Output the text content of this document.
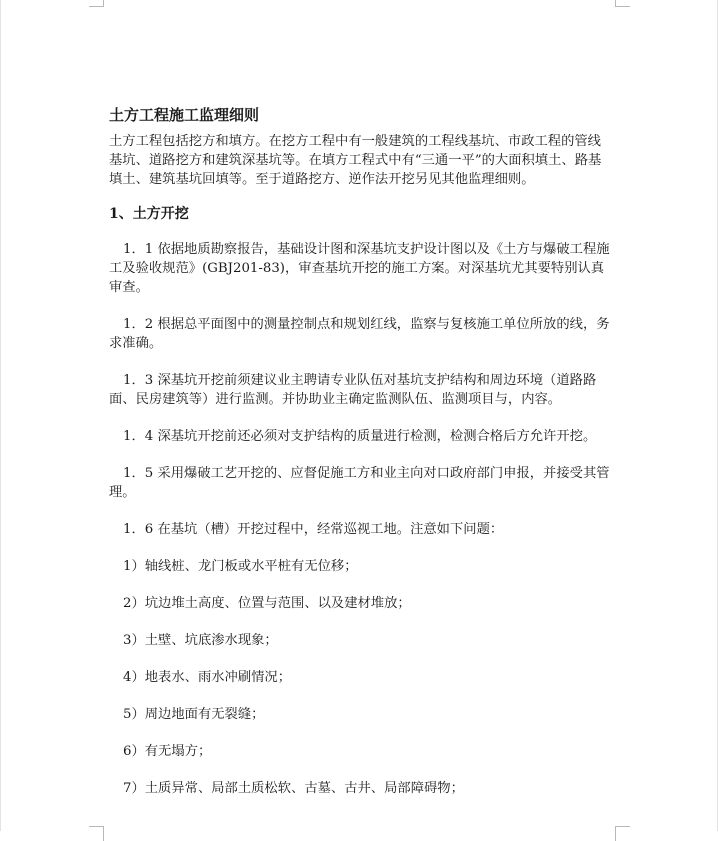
土方工程施工监理细则
土方工程包括挖方和填方。在挖方工程中有一般建筑的工程线基坑、市政工程的管线基坑、道路挖方和建筑深基坑等。在填方工程式中有“三通一平”的大面积填土、路基填土、建筑基坑回填等。至于道路挖方、逆作法开挖另见其他监理细则。
1、土方开挖
1．1 依据地质勘察报告，基础设计图和深基坑支护设计图以及《土方与爆破工程施工及验收规范》(GBJ201-83)，审查基坑开挖的施工方案。对深基坑尤其要特别认真审查。
1．2 根据总平面图中的测量控制点和规划红线，监察与复核施工单位所放的线，务求准确。
1．3 深基坑开挖前须建议业主聘请专业队伍对基坑支护结构和周边环境（道路路面、民房建筑等）进行监测。并协助业主确定监测队伍、监测项目与，内容。
1．4 深基坑开挖前还必须对支护结构的质量进行检测，检测合格后方允许开挖。
1．5 采用爆破工艺开挖的、应督促施工方和业主向对口政府部门申报，并接受其管理。
1．6 在基坑（槽）开挖过程中，经常巡视工地。注意如下问题：
1）轴线桩、龙门板或水平桩有无位移；
2）坑边堆土高度、位置与范围、以及建材堆放；
3）土壁、坑底渗水现象；
4）地表水、雨水冲刷情况；
5）周边地面有无裂缝；
6）有无塌方；
7）土质异常、局部土质松软、古墓、古井、局部障碍物；
